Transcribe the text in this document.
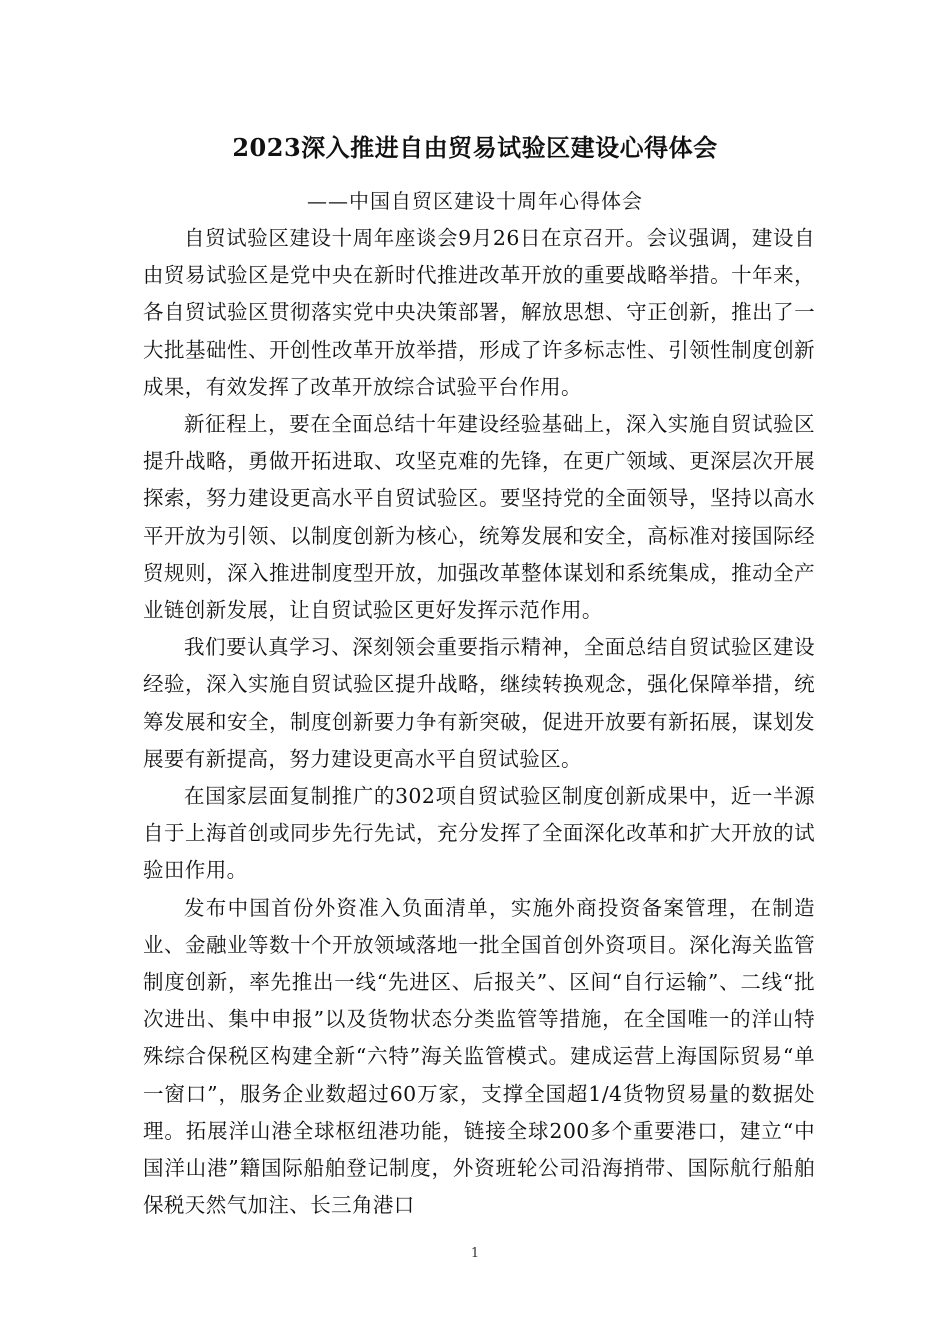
2023深入推进自由贸易试验区建设心得体会
——中国自贸区建设十周年心得体会

自贸试验区建设十周年座谈会9月26日在京召开。会议强调，建设自由贸易试验区是党中央在新时代推进改革开放的重要战略举措。十年来，各自贸试验区贯彻落实党中央决策部署，解放思想、守正创新，推出了一大批基础性、开创性改革开放举措，形成了许多标志性、引领性制度创新成果，有效发挥了改革开放综合试验平台作用。

新征程上，要在全面总结十年建设经验基础上，深入实施自贸试验区提升战略，勇做开拓进取、攻坚克难的先锋，在更广领域、更深层次开展探索，努力建设更高水平自贸试验区。要坚持党的全面领导，坚持以高水平开放为引领、以制度创新为核心，统筹发展和安全，高标准对接国际经贸规则，深入推进制度型开放，加强改革整体谋划和系统集成，推动全产业链创新发展，让自贸试验区更好发挥示范作用。

我们要认真学习、深刻领会重要指示精神，全面总结自贸试验区建设经验，深入实施自贸试验区提升战略，继续转换观念，强化保障举措，统筹发展和安全，制度创新要力争有新突破，促进开放要有新拓展，谋划发展要有新提高，努力建设更高水平自贸试验区。

在国家层面复制推广的302项自贸试验区制度创新成果中，近一半源自于上海首创或同步先行先试，充分发挥了全面深化改革和扩大开放的试验田作用。

发布中国首份外资准入负面清单，实施外商投资备案管理，在制造业、金融业等数十个开放领域落地一批全国首创外资项目。深化海关监管制度创新，率先推出一线“先进区、后报关”、区间“自行运输”、二线“批次进出、集中申报”以及货物状态分类监管等措施，在全国唯一的洋山特殊综合保税区构建全新“六特”海关监管模式。建成运营上海国际贸易“单一窗口”，服务企业数超过60万家，支撑全国超1/4货物贸易量的数据处理。拓展洋山港全球枢纽港功能，链接全球200多个重要港口，建立“中国洋山港”籍国际船舶登记制度，外资班轮公司沿海捎带、国际航行船舶保税天然气加注、长三角港口

1
